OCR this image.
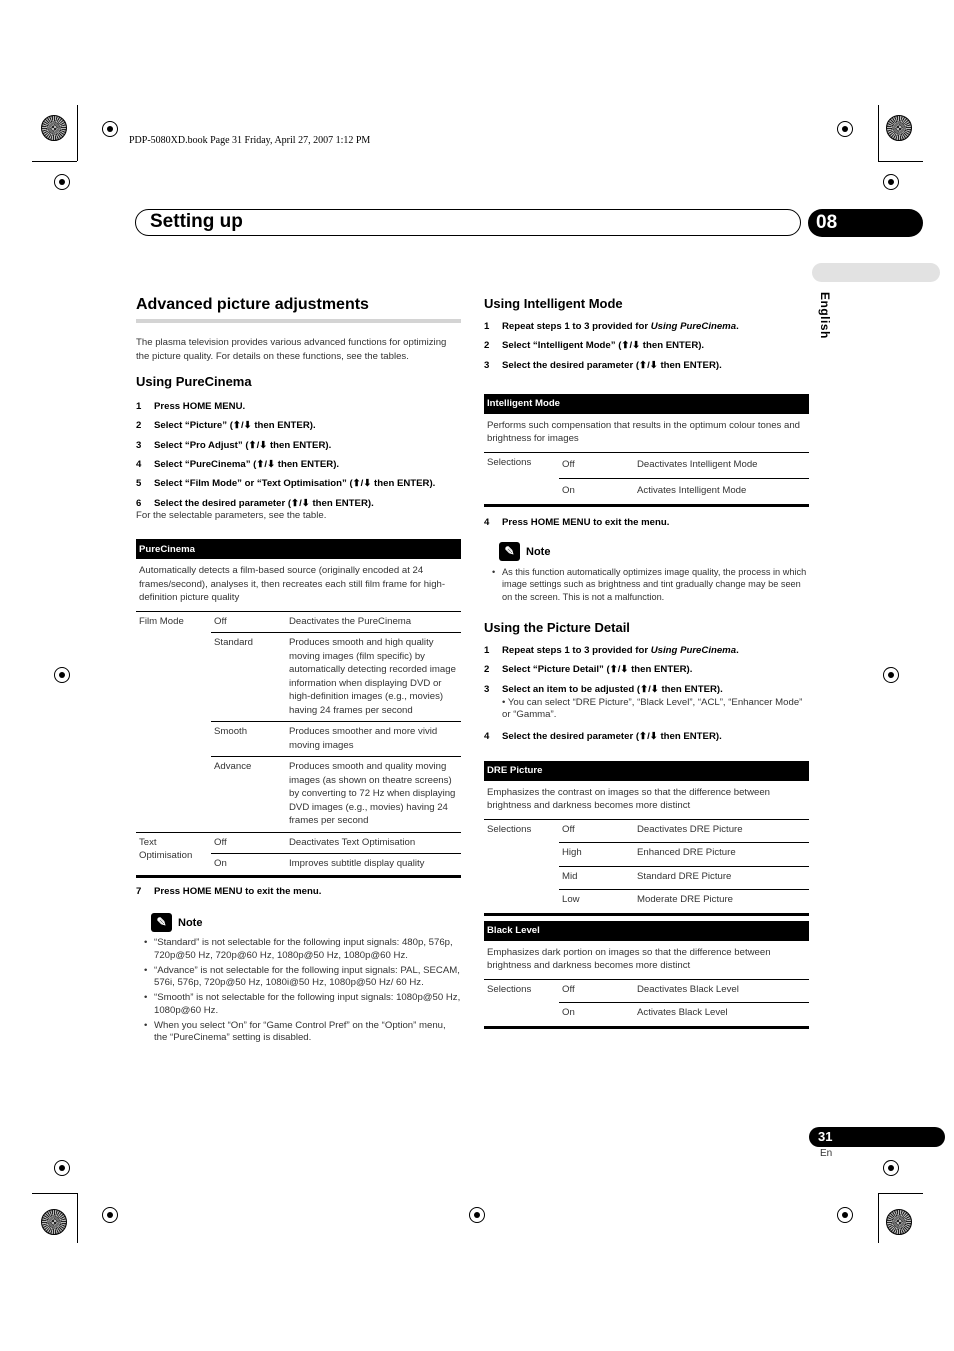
PDP-5080XD.book Page 31 Friday, April 27, 2007 1:12 PM
Setting up	08
English
Advanced picture adjustments
The plasma television provides various advanced functions for optimizing the picture quality. For details on these functions, see the tables.
Using PureCinema
1 Press HOME MENU.
2 Select “Picture” (⬆/⬇ then ENTER).
3 Select “Pro Adjust” (⬆/⬇ then ENTER).
4 Select “PureCinema” (⬆/⬇ then ENTER).
5 Select “Film Mode” or “Text Optimisation” (⬆/⬇ then ENTER).
6 Select the desired parameter (⬆/⬇ then ENTER).
For the selectable parameters, see the table.
PureCinema		
Automatically detects a film-based source (originally encoded at 24 frames/second), analyses it, then recreates each still film frame for high-definition picture quality		
Film Mode	Off	Deactivates the PureCinema
	Standard	Produces smooth and high quality moving images (film specific) by automatically detecting recorded image information when displaying DVD or high-definition images (e.g., movies) having 24 frames per second
	Smooth	Produces smoother and more vivid moving images
	Advance	Produces smooth and quality moving images (as shown on theatre screens) by converting to 72 Hz when displaying DVD images (e.g., movies) having 24 frames per second
Text Optimisation	Off	Deactivates Text Optimisation
	On	Improves subtitle display quality
7 Press HOME MENU to exit the menu.
✎	Note
• “Standard” is not selectable for the following input signals: 480p, 576p, 720p@50 Hz, 720p@60 Hz, 1080p@50 Hz, 1080p@60 Hz.
• “Advance” is not selectable for the following input signals: PAL, SECAM, 576i, 576p, 720p@50 Hz, 1080i@50 Hz, 1080p@50 Hz/ 60 Hz.
• “Smooth” is not selectable for the following input signals: 1080p@50 Hz, 1080p@60 Hz.
• When you select “On” for “Game Control Pref” on the “Option” menu, the “PureCinema” setting is disabled.
Using Intelligent Mode
1 Repeat steps 1 to 3 provided for Using PureCinema.
2 Select “Intelligent Mode” (⬆/⬇ then ENTER).
3 Select the desired parameter (⬆/⬇ then ENTER).
Intelligent Mode		
Performs such compensation that results in the optimum colour tones and brightness for images		
Selections	Off	Deactivates Intelligent Mode
	On	Activates Intelligent Mode
4 Press HOME MENU to exit the menu.
✎	Note
• As this function automatically optimizes image quality, the process in which image settings such as brightness and tint gradually change may be seen on the screen. This is not a malfunction.
Using the Picture Detail
1 Repeat steps 1 to 3 provided for Using PureCinema.
2 Select “Picture Detail” (⬆/⬇ then ENTER).
3 Select an item to be adjusted (⬆/⬇ then ENTER).
• You can select “DRE Picture”, “Black Level”, “ACL”, “Enhancer Mode” or “Gamma”.
4 Select the desired parameter (⬆/⬇ then ENTER).
DRE Picture		
Emphasizes the contrast on images so that the difference between brightness and darkness becomes more distinct		
Selections	Off	Deactivates DRE Picture
	High	Enhanced DRE Picture
	Mid	Standard DRE Picture
	Low	Moderate DRE Picture
Black Level		
Emphasizes dark portion on images so that the difference between brightness and darkness becomes more distinct		
Selections	Off	Deactivates Black Level
	On	Activates Black Level
31
En
